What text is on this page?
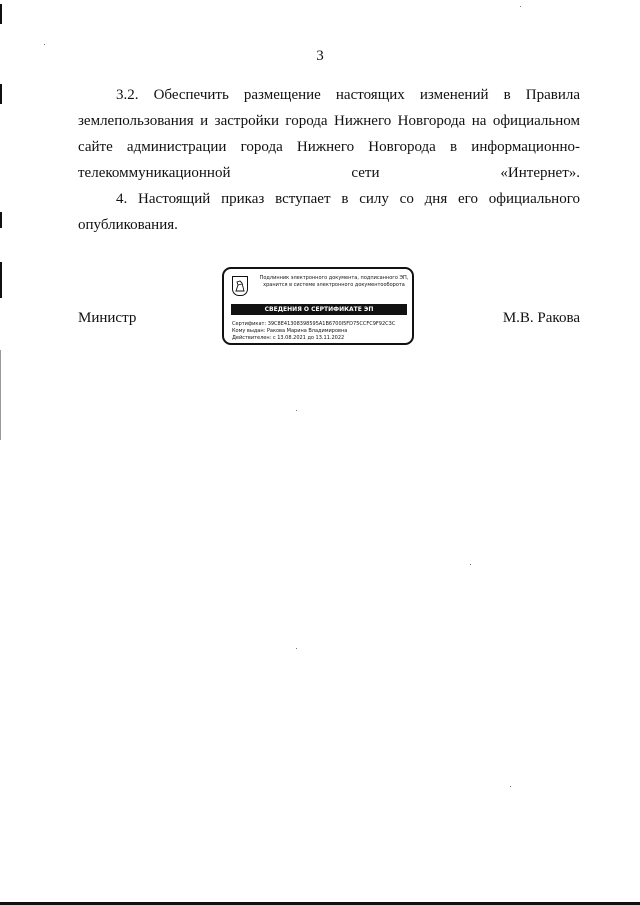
3

3.2. Обеспечить размещение настоящих изменений в Правила землепользования и застройки города Нижнего Новгорода на официальном сайте администрации города Нижнего Новгорода в информационно-телекоммуникационной сети «Интернет».

4. Настоящий приказ вступает в силу со дня его официального опубликования.

Министр	М.В. Ракова
Подлинник электронного документа, подписанного ЭП,
хранится в системе электронного документооборота
СВЕДЕНИЯ О СЕРТИФИКАТЕ ЭП
Сертификат: 39C8E41308398595A1B6700I5FD75CCFC9F92C3C
Кому выдан: Ракова Марина Владимировна
Действителен: с 13.08.2021 до 13.11.2022
